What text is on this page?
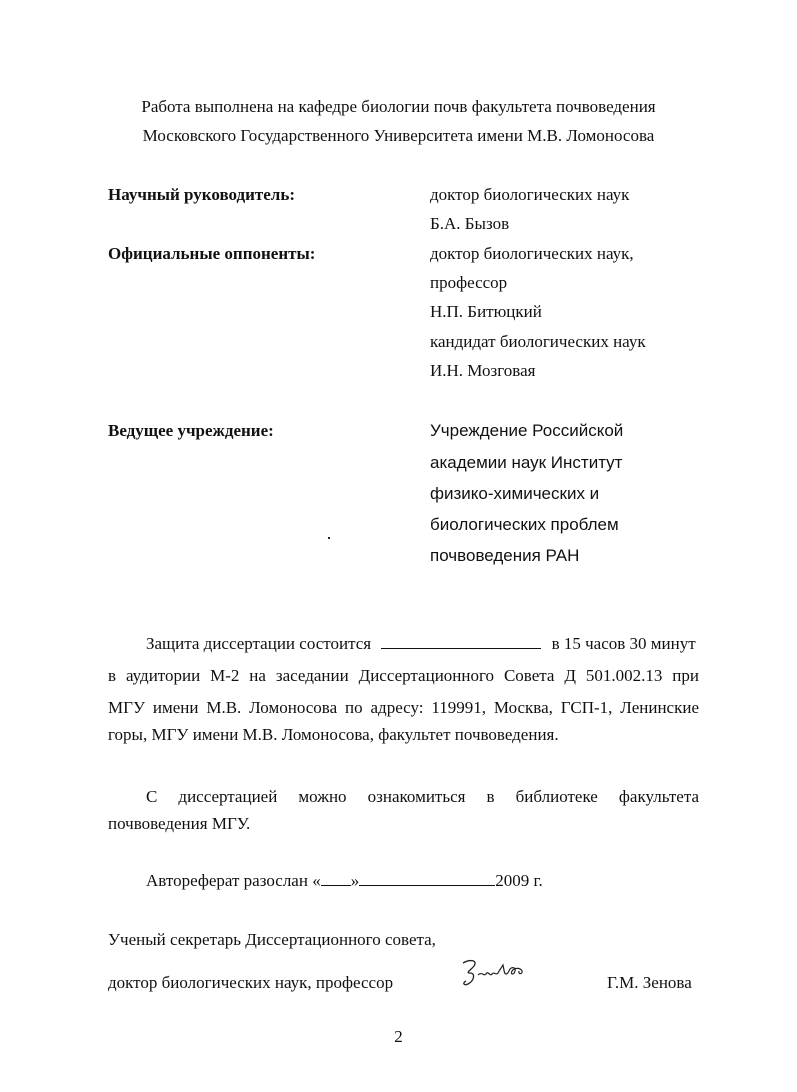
Работа выполнена на кафедре биологии почв факультета почвоведения
Московского Государственного Университета имени М.В. Ломоносова
Научный руководитель:	доктор биологических наук
Б.А. Бызов
Официальные оппоненты:	доктор биологических наук,
профессор
Н.П. Битюцкий
кандидат биологических наук
И.Н. Мозговая
Ведущее учреждение:	Учреждение Российской
академии наук Институт
физико-химических и
биологических проблем
почвоведения РАН
Защита диссертации состоится	в 15 часов 30 минут
в аудитории М-2 на заседании Диссертационного Совета Д 501.002.13 при
МГУ имени М.В. Ломоносова по адресу: 119991, Москва, ГСП-1, Ленинские
горы, МГУ имени М.В. Ломоносова, факультет почвоведения.
С диссертацией можно ознакомиться в библиотеке факультета
почвоведения МГУ.
Автореферат разослан « »	2009 г.
Ученый секретарь Диссертационного совета,
доктор биологических наук, профессор	Г.М. Зенова
2
